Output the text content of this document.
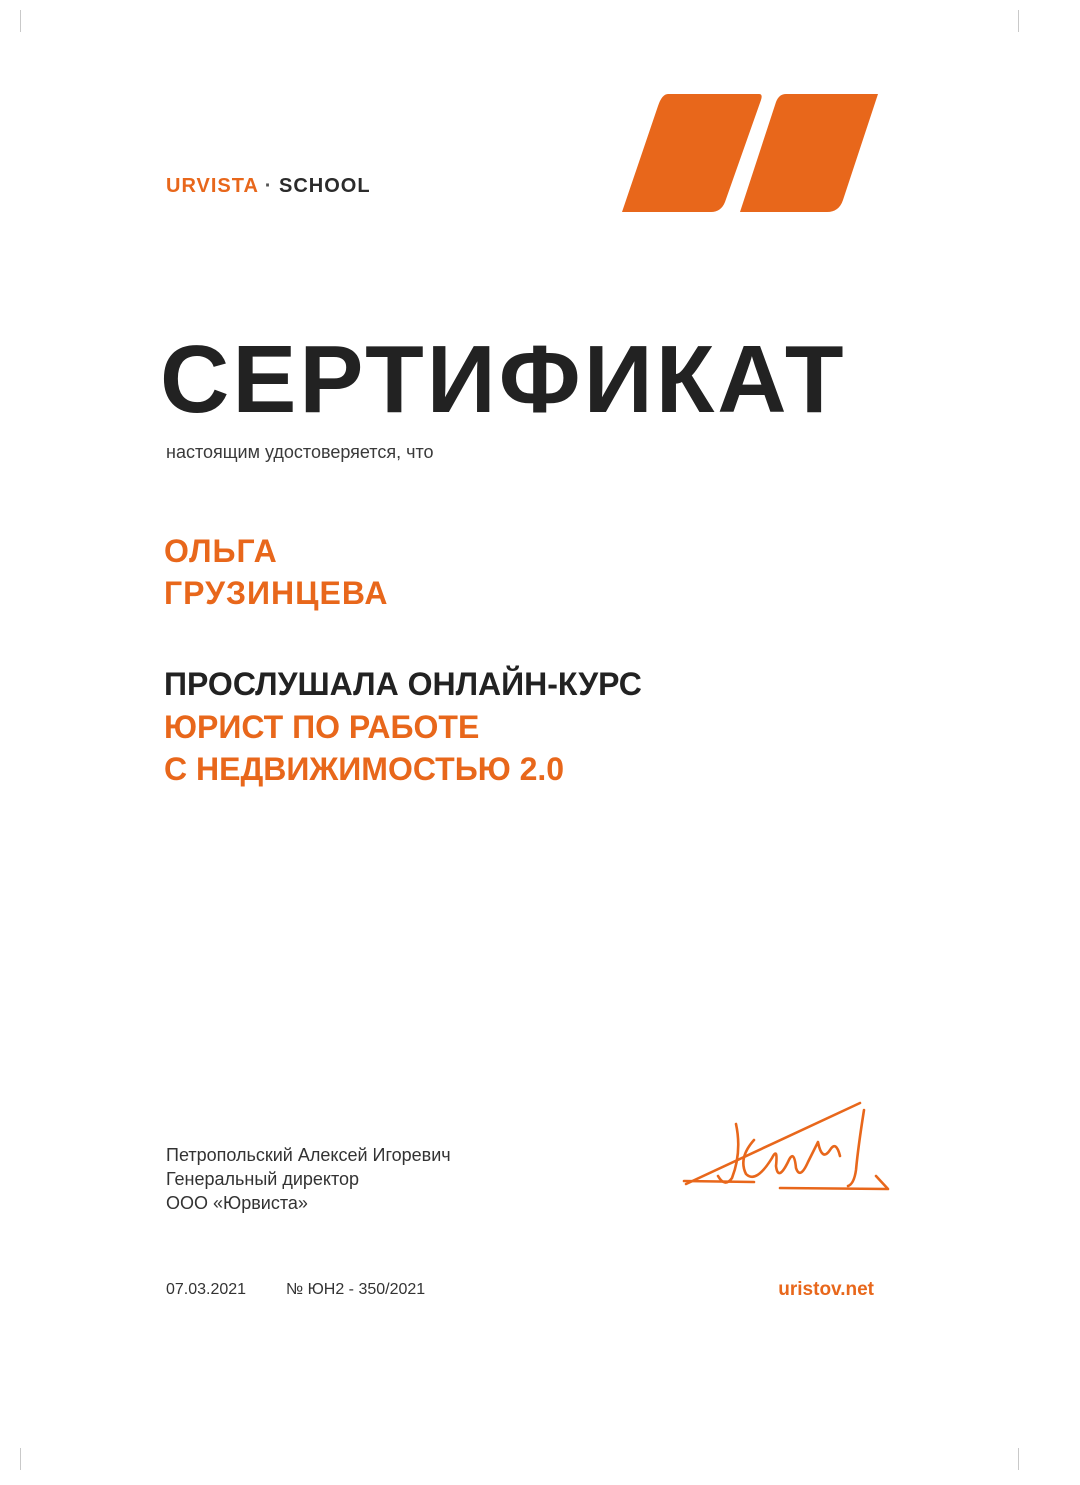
URVISTA · SCHOOL
СЕРТИФИКАТ
настоящим удостоверяется, что
ОЛЬГА
ГРУЗИНЦЕВА
ПРОСЛУШАЛА ОНЛАЙН-КУРС
ЮРИСТ ПО РАБОТЕ
С НЕДВИЖИМОСТЬЮ 2.0
Петропольский Алексей Игоревич
Генеральный директор
ООО «Юрвиста»
07.03.2021 № ЮН2 - 350/2021	uristov.net
